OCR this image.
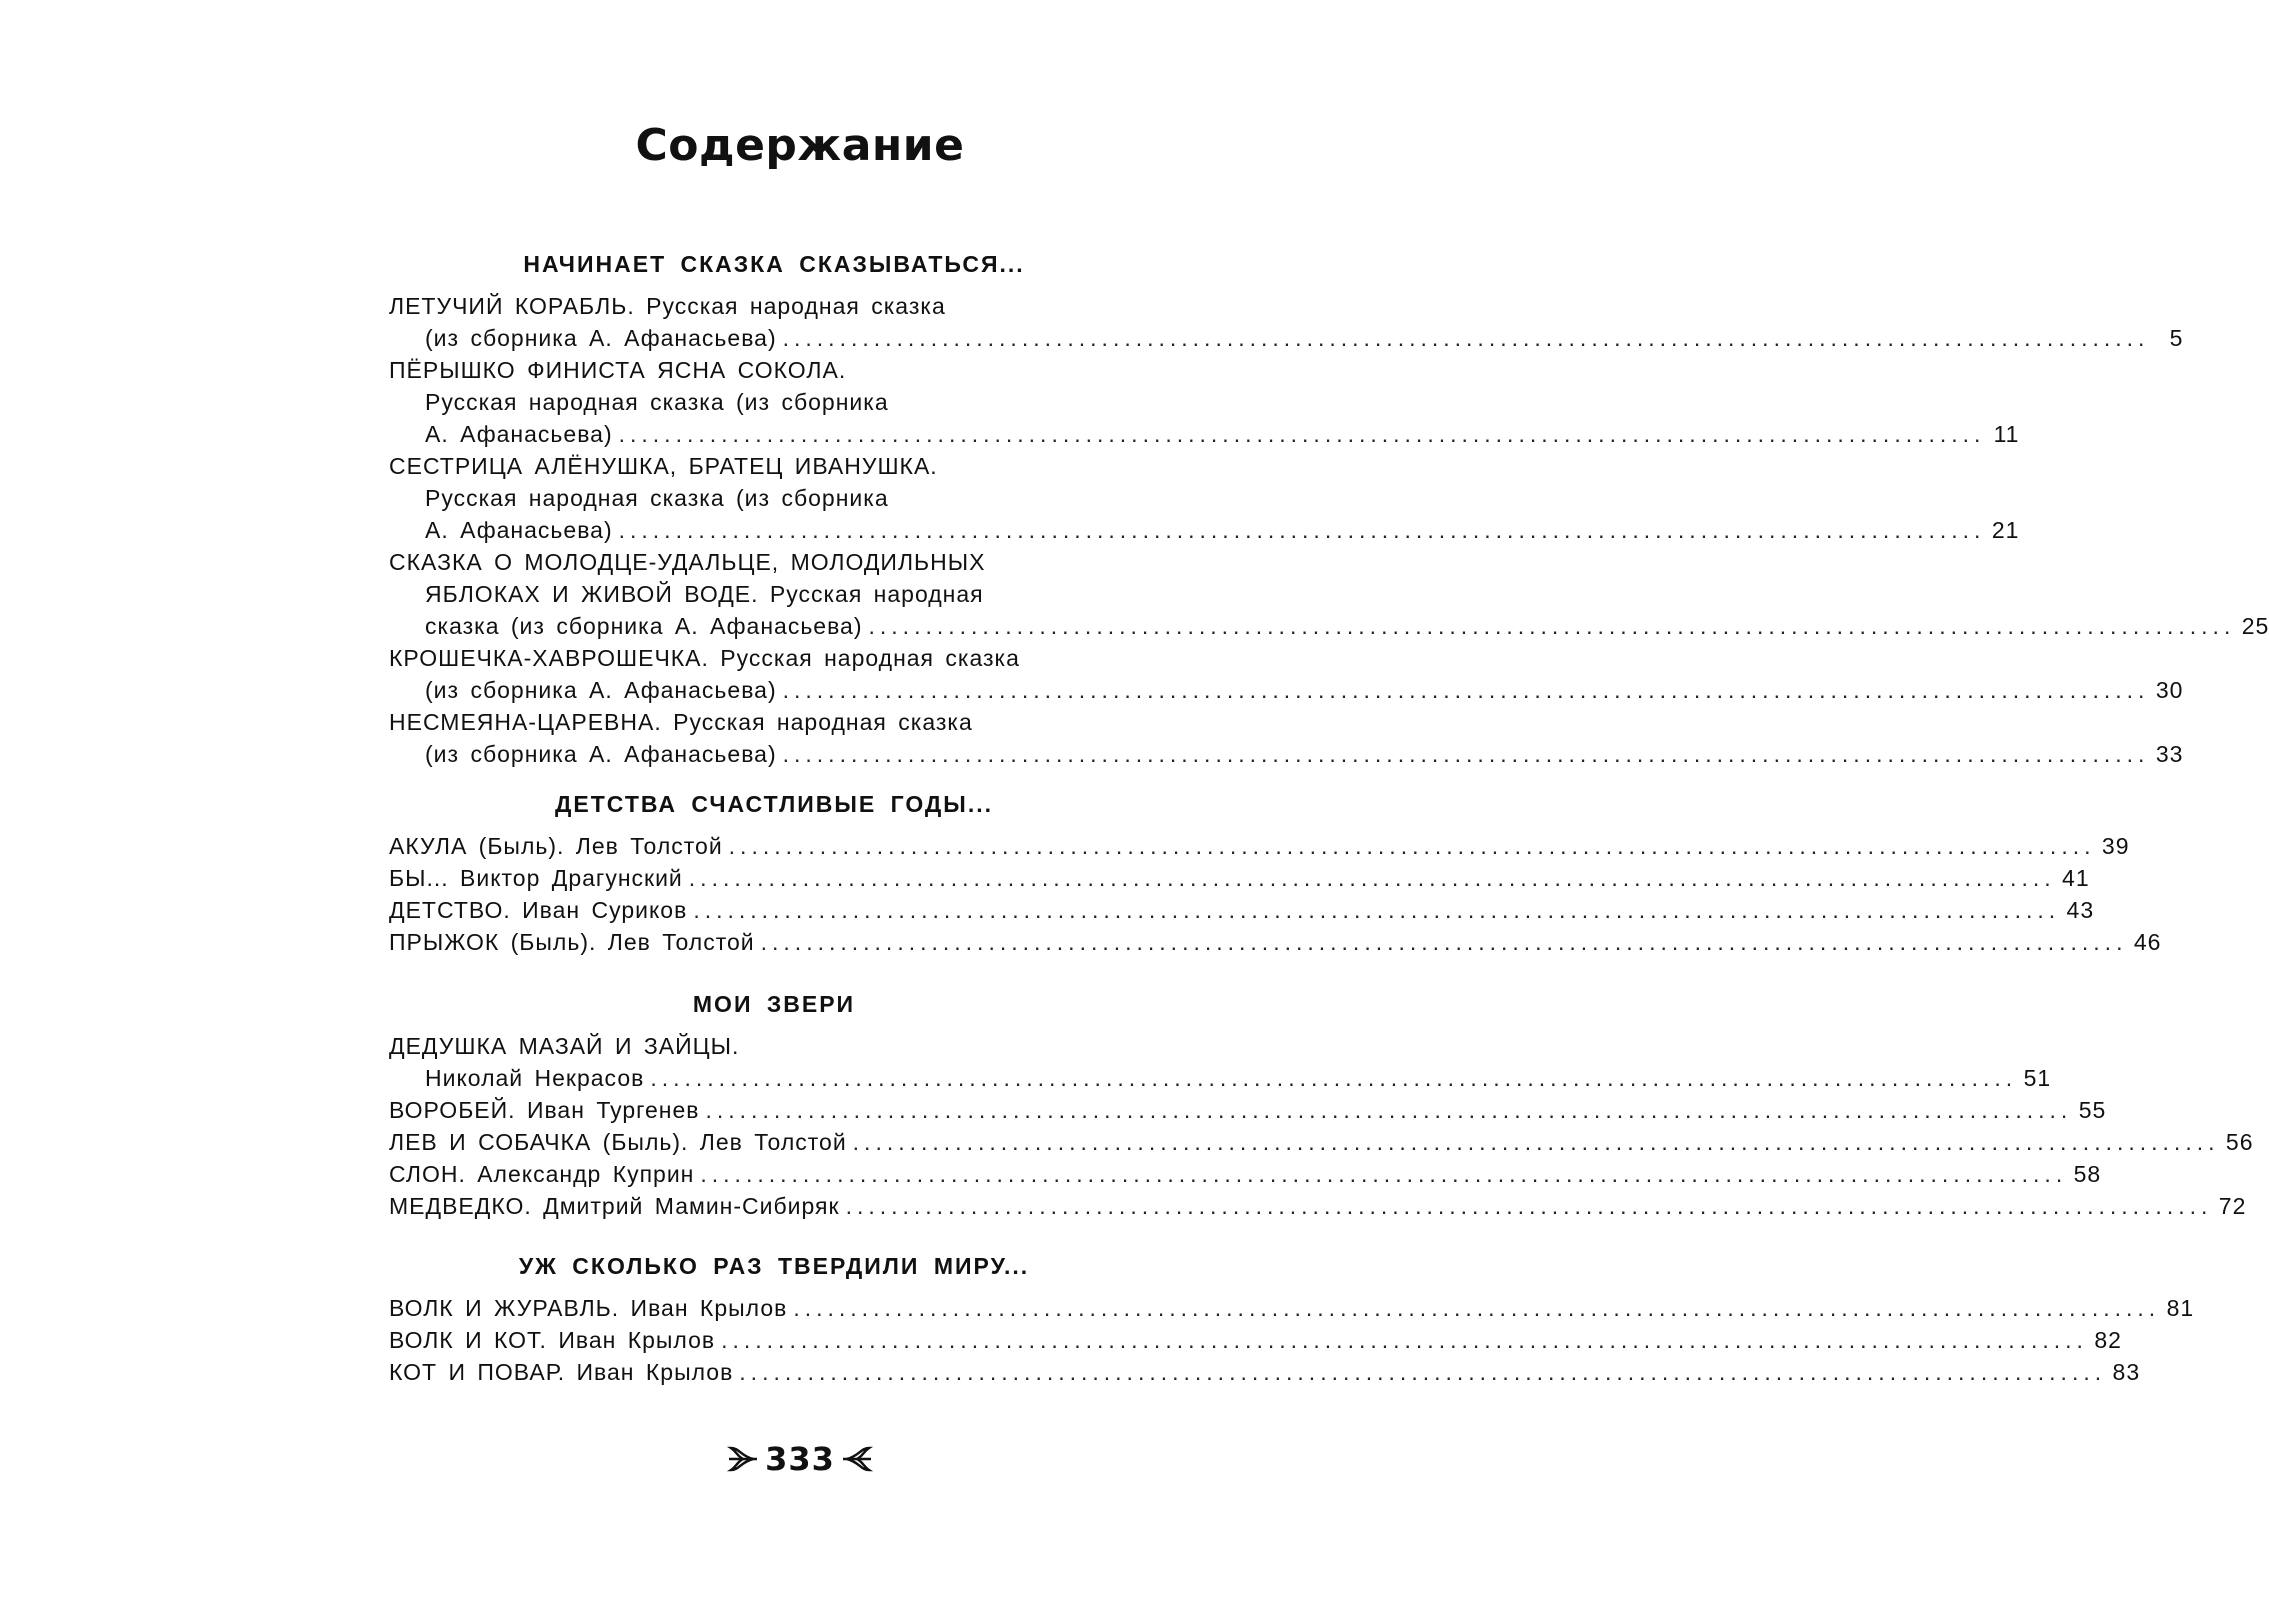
Содержание
НАЧИНАЕТ СКАЗКА СКАЗЫВАТЬСЯ...
ЛЕТУЧИЙ КОРАБЛЬ. Русская народная сказка
(из сборника А. Афанасьева) ........................................................................................................................ 5
ПЁРЫШКО ФИНИСТА ЯСНА СОКОЛА.
Русская народная сказка (из сборника
А. Афанасьева) ........................................................................................................................ 11
СЕСТРИЦА АЛЁНУШКА, БРАТЕЦ ИВАНУШКА.
Русская народная сказка (из сборника
А. Афанасьева) ........................................................................................................................ 21
СКАЗКА О МОЛОДЦЕ-УДАЛЬЦЕ, МОЛОДИЛЬНЫХ
ЯБЛОКАХ И ЖИВОЙ ВОДЕ. Русская народная
сказка (из сборника А. Афанасьева) ........................................................................................................................ 25
КРОШЕЧКА-ХАВРОШЕЧКА. Русская народная сказка
(из сборника А. Афанасьева) ........................................................................................................................ 30
НЕСМЕЯНА-ЦАРЕВНА. Русская народная сказка
(из сборника А. Афанасьева) ........................................................................................................................ 33
ДЕТСТВА СЧАСТЛИВЫЕ ГОДЫ...
АКУЛА (Быль). Лев Толстой ........................................................................................................................ 39
БЫ... Виктор Драгунский ........................................................................................................................ 41
ДЕТСТВО. Иван Суриков ........................................................................................................................ 43
ПРЫЖОК (Быль). Лев Толстой ........................................................................................................................ 46
МОИ ЗВЕРИ
ДЕДУШКА МАЗАЙ И ЗАЙЦЫ.
Николай Некрасов ........................................................................................................................ 51
ВОРОБЕЙ. Иван Тургенев ........................................................................................................................ 55
ЛЕВ И СОБАЧКА (Быль). Лев Толстой ........................................................................................................................ 56
СЛОН. Александр Куприн ........................................................................................................................ 58
МЕДВЕДКО. Дмитрий Мамин-Сибиряк ........................................................................................................................ 72
УЖ СКОЛЬКО РАЗ ТВЕРДИЛИ МИРУ...
ВОЛК И ЖУРАВЛЬ. Иван Крылов ........................................................................................................................ 81
ВОЛК И КОТ. Иван Крылов ........................................................................................................................ 82
КОТ И ПОВАР. Иван Крылов ........................................................................................................................ 83
333
